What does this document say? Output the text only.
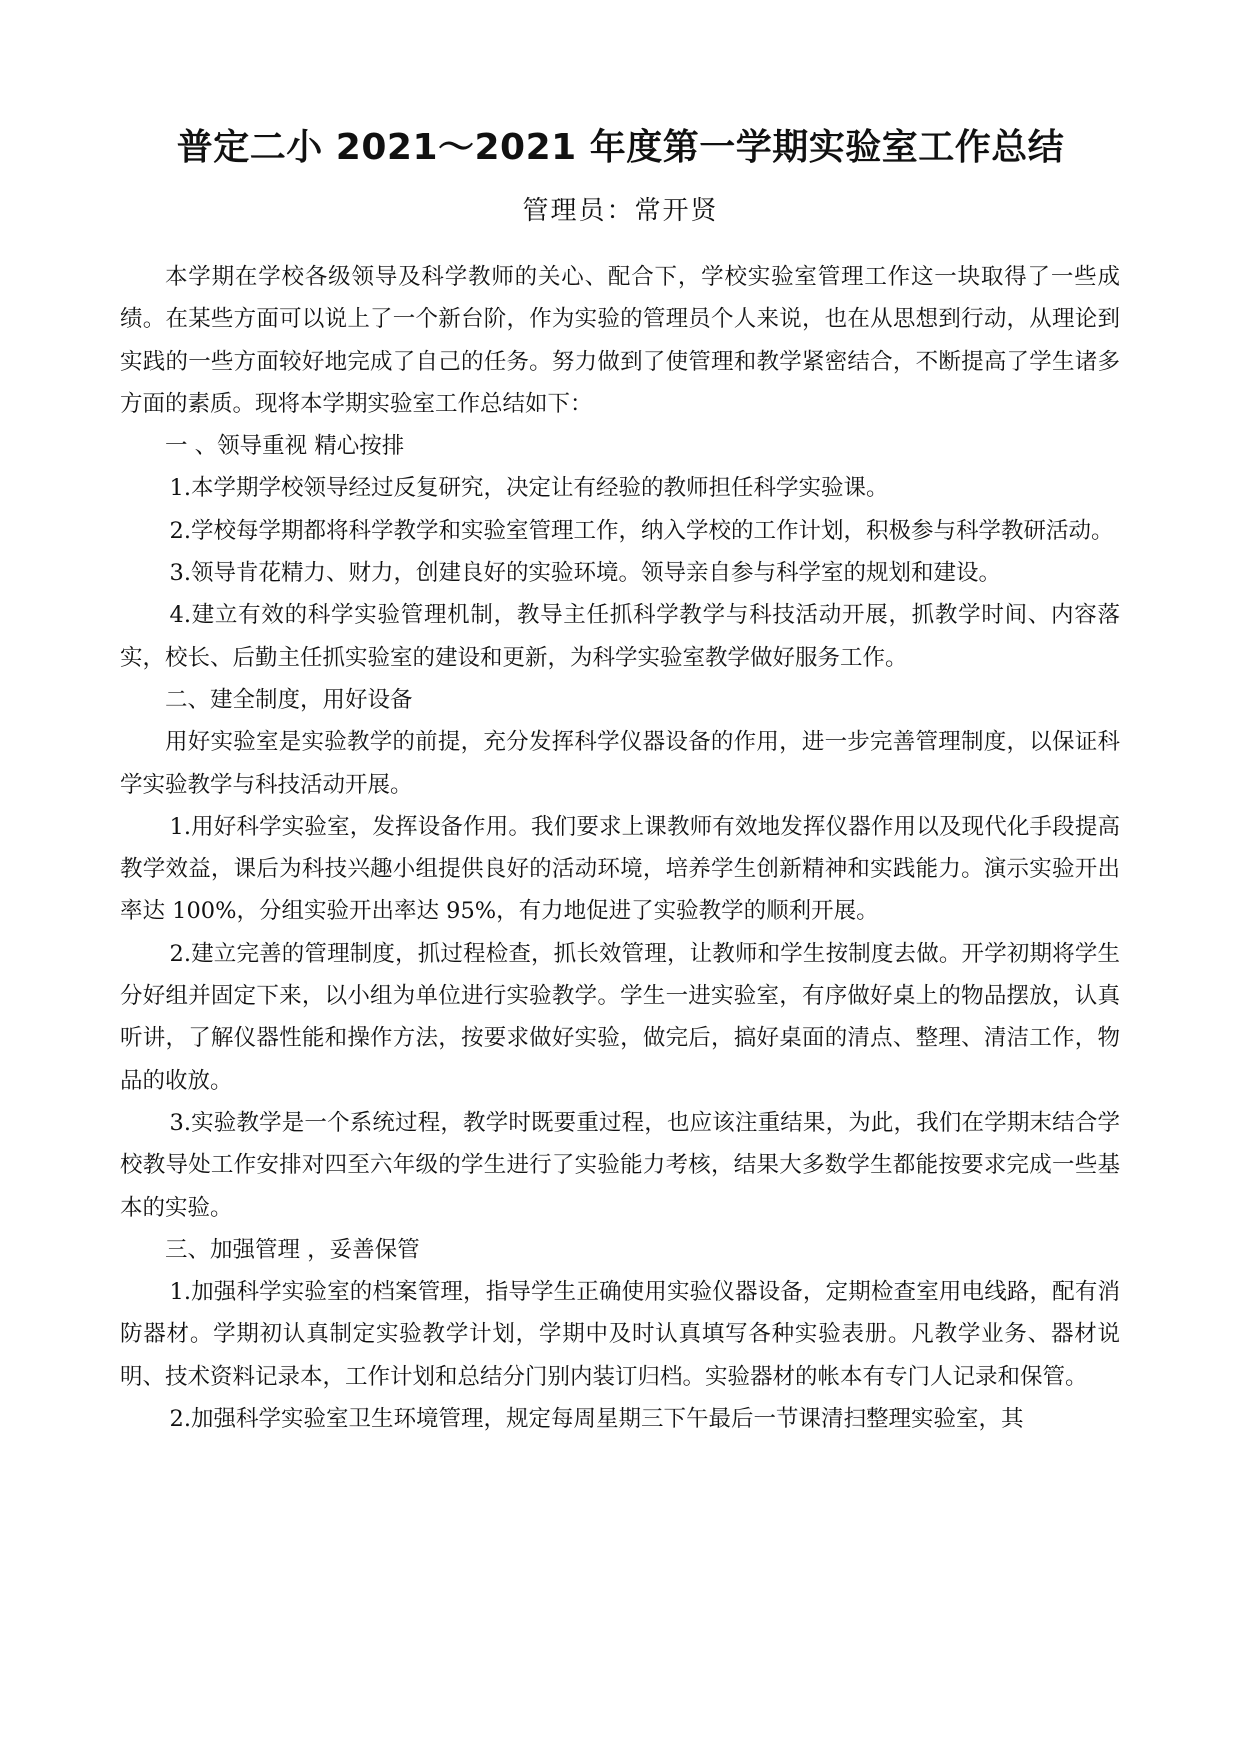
普定二小 2021～2021 年度第一学期实验室工作总结
管理员：常开贤

本学期在学校各级领导及科学教师的关心、配合下，学校实验室管理工作这一块取得了一些成绩。在某些方面可以说上了一个新台阶，作为实验的管理员个人来说，也在从思想到行动，从理论到实践的一些方面较好地完成了自己的任务。努力做到了使管理和教学紧密结合，不断提高了学生诸多方面的素质。现将本学期实验室工作总结如下：

一 、领导重视 精心按排

1.本学期学校领导经过反复研究，决定让有经验的教师担任科学实验课。

2.学校每学期都将科学教学和实验室管理工作，纳入学校的工作计划，积极参与科学教研活动。

3.领导肯花精力、财力，创建良好的实验环境。领导亲自参与科学室的规划和建设。

4.建立有效的科学实验管理机制，教导主任抓科学教学与科技活动开展，抓教学时间、内容落实，校长、后勤主任抓实验室的建设和更新，为科学实验室教学做好服务工作。

二、建全制度，用好设备

用好实验室是实验教学的前提，充分发挥科学仪器设备的作用，进一步完善管理制度，以保证科学实验教学与科技活动开展。

1.用好科学实验室，发挥设备作用。我们要求上课教师有效地发挥仪器作用以及现代化手段提高教学效益，课后为科技兴趣小组提供良好的活动环境，培养学生创新精神和实践能力。演示实验开出率达 100%，分组实验开出率达 95%，有力地促进了实验教学的顺利开展。

2.建立完善的管理制度，抓过程检查，抓长效管理，让教师和学生按制度去做。开学初期将学生分好组并固定下来，以小组为单位进行实验教学。学生一进实验室，有序做好桌上的物品摆放，认真听讲，了解仪器性能和操作方法，按要求做好实验，做完后，搞好桌面的清点、整理、清洁工作，物品的收放。

3.实验教学是一个系统过程，教学时既要重过程，也应该注重结果，为此，我们在学期末结合学校教导处工作安排对四至六年级的学生进行了实验能力考核，结果大多数学生都能按要求完成一些基本的实验。

三、加强管理 ，妥善保管

1.加强科学实验室的档案管理，指导学生正确使用实验仪器设备，定期检查室用电线路，配有消防器材。学期初认真制定实验教学计划，学期中及时认真填写各种实验表册。凡教学业务、器材说明、技术资料记录本，工作计划和总结分门别内装订归档。实验器材的帐本有专门人记录和保管。

2.加强科学实验室卫生环境管理，规定每周星期三下午最后一节课清扫整理实验室，其
